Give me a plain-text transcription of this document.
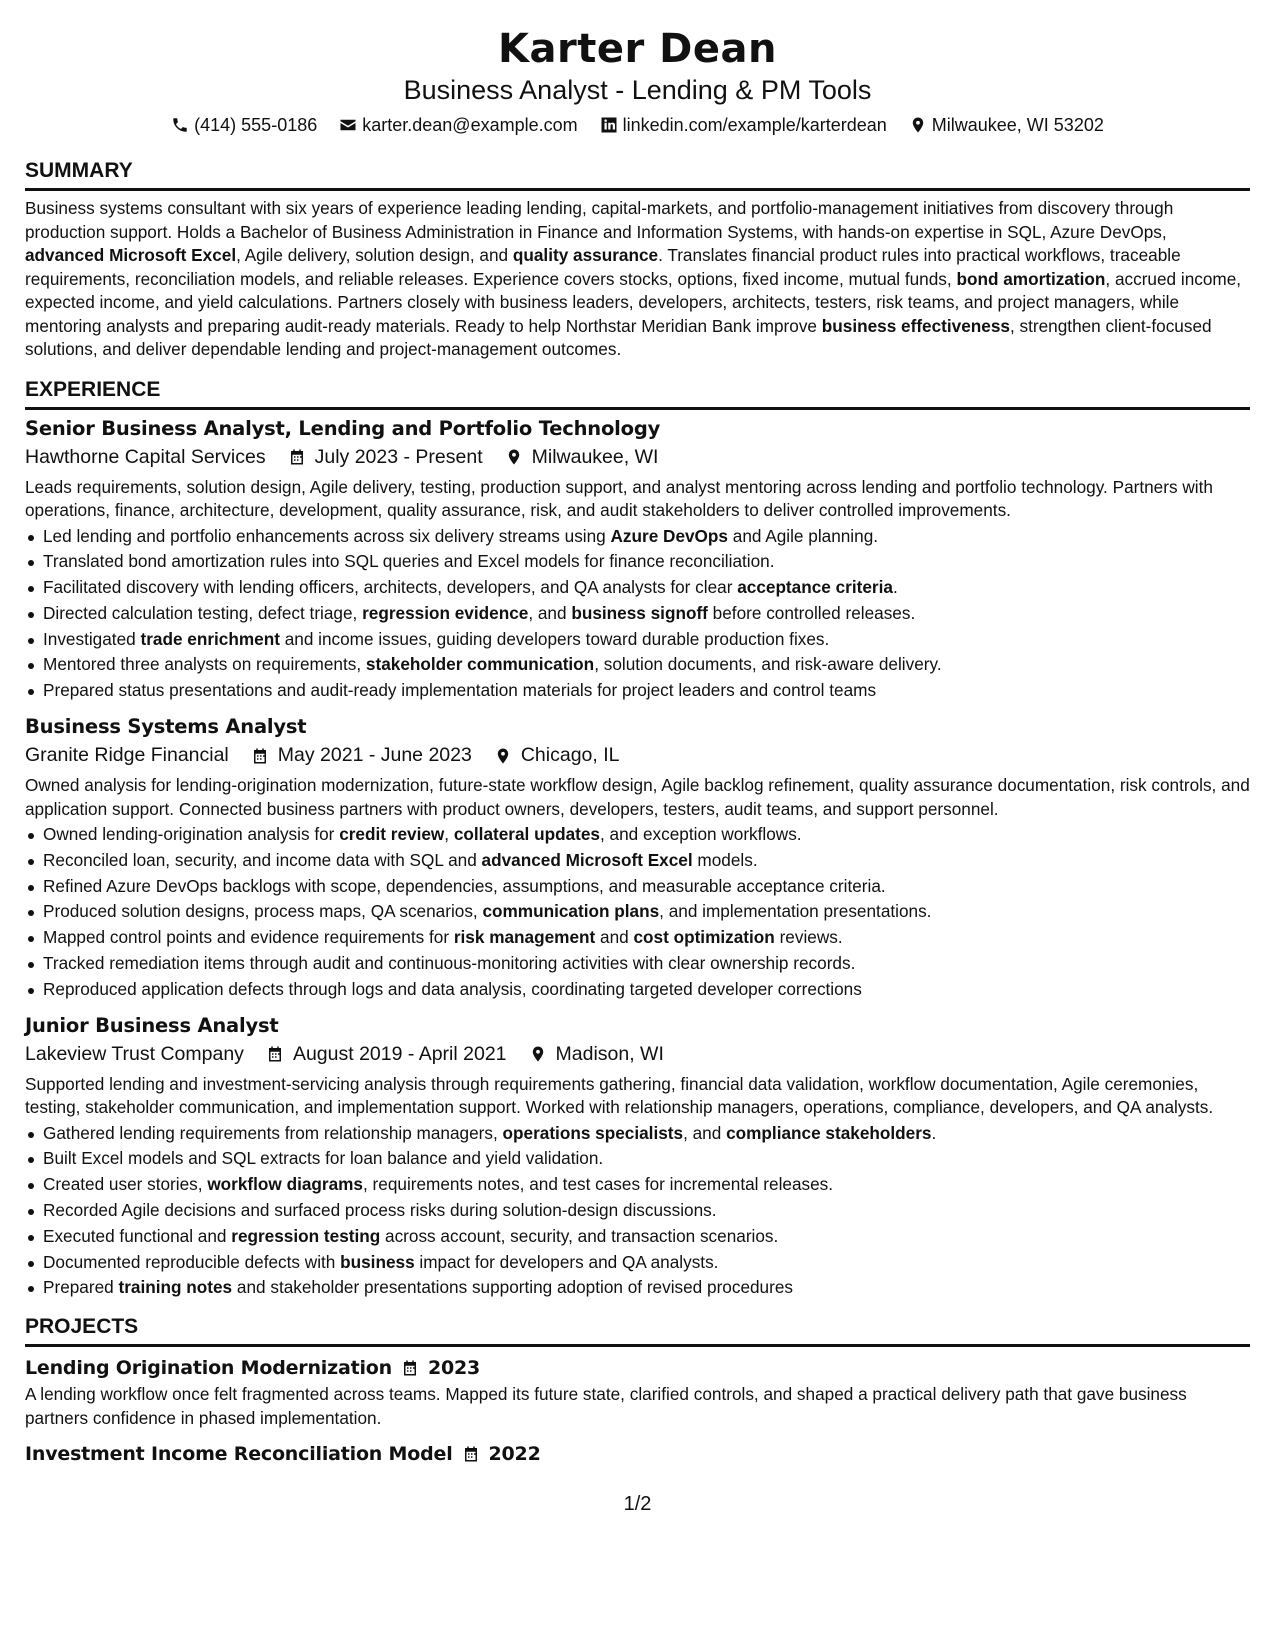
Karter Dean
Business Analyst - Lending & PM Tools
(414) 555-0186	karter.dean@example.com	linkedin.com/example/karterdean	Milwaukee, WI 53202
SUMMARY
Business systems consultant with six years of experience leading lending, capital-markets, and portfolio-management initiatives from discovery through production support. Holds a Bachelor of Business Administration in Finance and Information Systems, with hands-on expertise in SQL, Azure DevOps, advanced Microsoft Excel, Agile delivery, solution design, and quality assurance. Translates financial product rules into practical workflows, traceable requirements, reconciliation models, and reliable releases. Experience covers stocks, options, fixed income, mutual funds, bond amortization, accrued income, expected income, and yield calculations. Partners closely with business leaders, developers, architects, testers, risk teams, and project managers, while mentoring analysts and preparing audit-ready materials. Ready to help Northstar Meridian Bank improve business effectiveness, strengthen client-focused solutions, and deliver dependable lending and project-management outcomes.
EXPERIENCE
Senior Business Analyst, Lending and Portfolio Technology
Hawthorne Capital Services	July 2023 - Present	Milwaukee, WI
Leads requirements, solution design, Agile delivery, testing, production support, and analyst mentoring across lending and portfolio technology. Partners with operations, finance, architecture, development, quality assurance, risk, and audit stakeholders to deliver controlled improvements.
Led lending and portfolio enhancements across six delivery streams using Azure DevOps and Agile planning.
Translated bond amortization rules into SQL queries and Excel models for finance reconciliation.
Facilitated discovery with lending officers, architects, developers, and QA analysts for clear acceptance criteria.
Directed calculation testing, defect triage, regression evidence, and business signoff before controlled releases.
Investigated trade enrichment and income issues, guiding developers toward durable production fixes.
Mentored three analysts on requirements, stakeholder communication, solution documents, and risk-aware delivery.
Prepared status presentations and audit-ready implementation materials for project leaders and control teams
Business Systems Analyst
Granite Ridge Financial	May 2021 - June 2023	Chicago, IL
Owned analysis for lending-origination modernization, future-state workflow design, Agile backlog refinement, quality assurance documentation, risk controls, and application support. Connected business partners with product owners, developers, testers, audit teams, and support personnel.
Owned lending-origination analysis for credit review, collateral updates, and exception workflows.
Reconciled loan, security, and income data with SQL and advanced Microsoft Excel models.
Refined Azure DevOps backlogs with scope, dependencies, assumptions, and measurable acceptance criteria.
Produced solution designs, process maps, QA scenarios, communication plans, and implementation presentations.
Mapped control points and evidence requirements for risk management and cost optimization reviews.
Tracked remediation items through audit and continuous-monitoring activities with clear ownership records.
Reproduced application defects through logs and data analysis, coordinating targeted developer corrections
Junior Business Analyst
Lakeview Trust Company	August 2019 - April 2021	Madison, WI
Supported lending and investment-servicing analysis through requirements gathering, financial data validation, workflow documentation, Agile ceremonies, testing, stakeholder communication, and implementation support. Worked with relationship managers, operations, compliance, developers, and QA analysts.
Gathered lending requirements from relationship managers, operations specialists, and compliance stakeholders.
Built Excel models and SQL extracts for loan balance and yield validation.
Created user stories, workflow diagrams, requirements notes, and test cases for incremental releases.
Recorded Agile decisions and surfaced process risks during solution-design discussions.
Executed functional and regression testing across account, security, and transaction scenarios.
Documented reproducible defects with business impact for developers and QA analysts.
Prepared training notes and stakeholder presentations supporting adoption of revised procedures
PROJECTS
Lending Origination Modernization 2023
A lending workflow once felt fragmented across teams. Mapped its future state, clarified controls, and shaped a practical delivery path that gave business partners confidence in phased implementation.
Investment Income Reconciliation Model 2022
1/2
